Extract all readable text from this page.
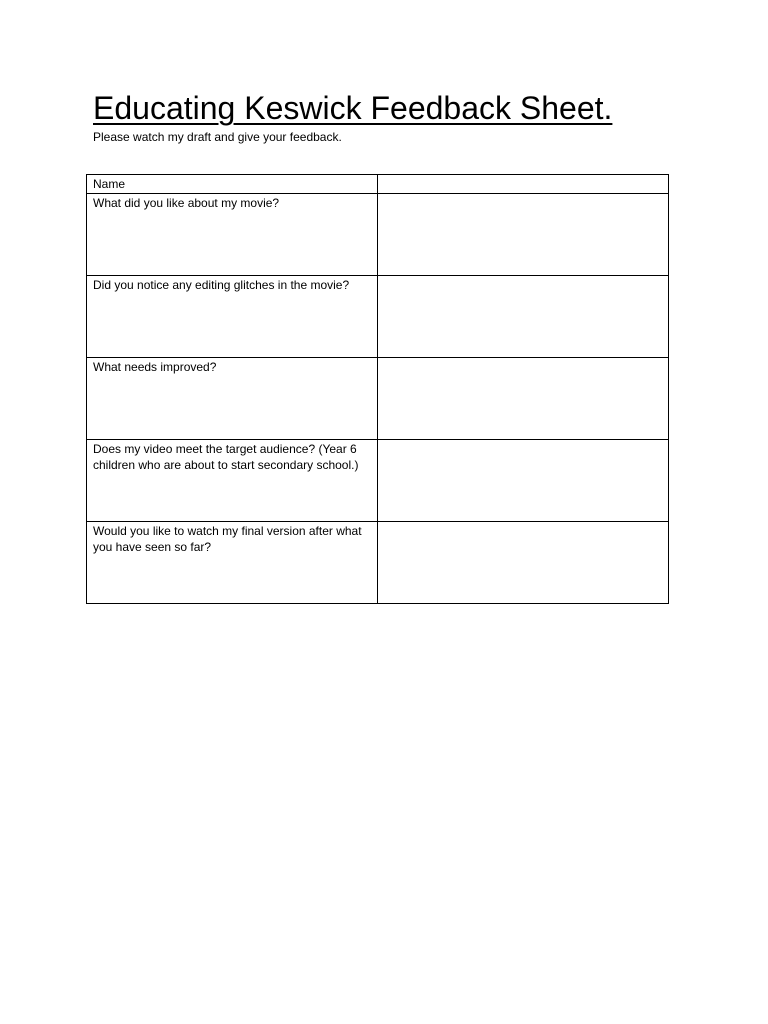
Educating Keswick Feedback Sheet.

Please watch my draft and give your feedback.

Name	
What did you like about my movie?	
Did you notice any editing glitches in the movie?	
What needs improved?	
Does my video meet the target audience? (Year 6 children who are about to start secondary school.)	
Would you like to watch my final version after what you have seen so far?	
